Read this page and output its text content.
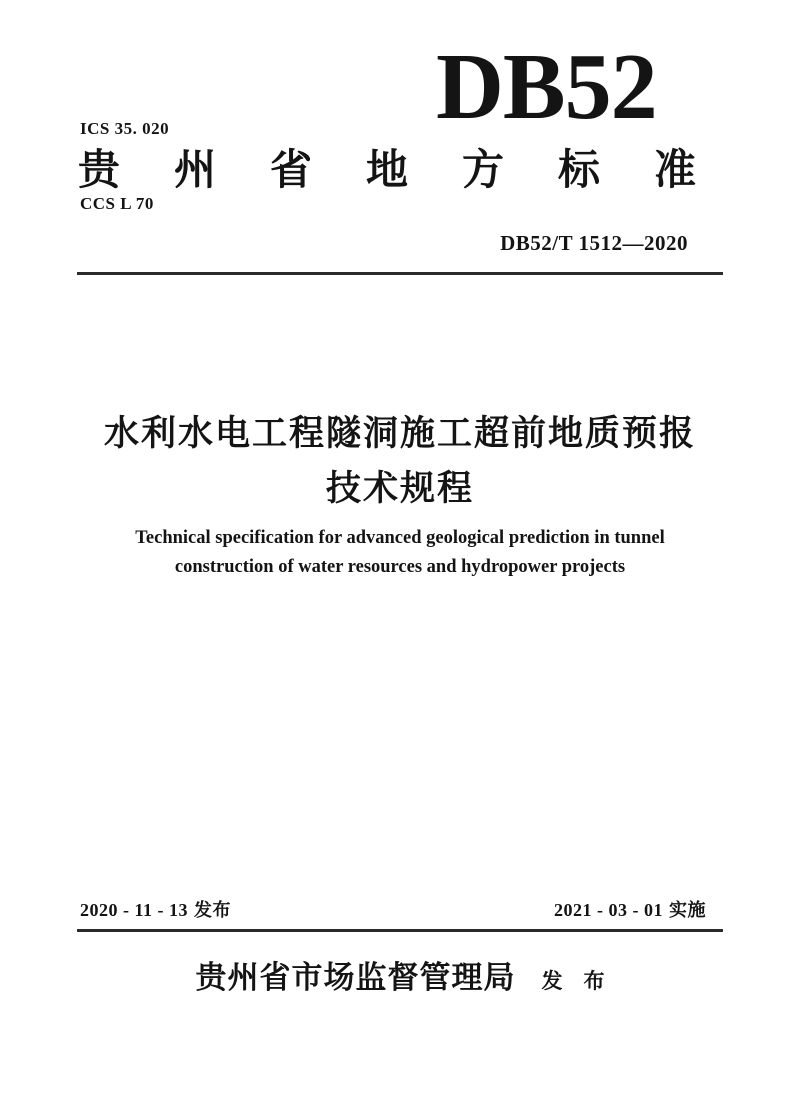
ICS 35. 020

CCS L 70

DB52
贵州省地方标准
DB52/T 1512—2020
水利水电工程隧洞施工超前地质预报
技术规程
Technical specification for advanced geological prediction in tunnel
construction of water resources and hydropower projects
2020 - 11 - 13 发布	2021 - 03 - 01 实施
贵州省市场监督管理局 发　布
